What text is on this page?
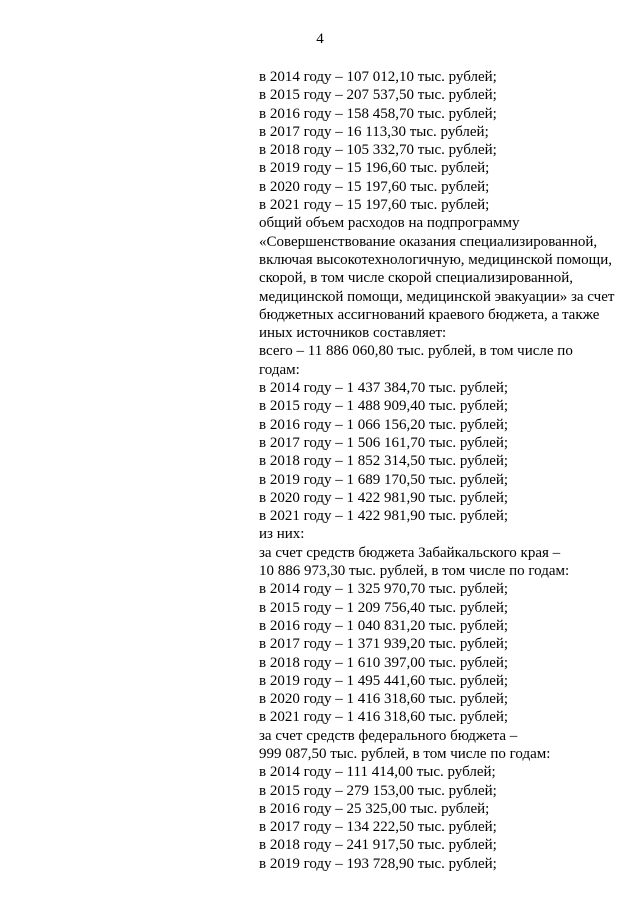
4
в 2014 году – 107 012,10 тыс. рублей;
в 2015 году – 207 537,50 тыс. рублей;
в 2016 году – 158 458,70 тыс. рублей;
в 2017 году – 16 113,30 тыс. рублей;
в 2018 году – 105 332,70 тыс. рублей;
в 2019 году – 15 196,60 тыс. рублей;
в 2020 году – 15 197,60 тыс. рублей;
в 2021 году – 15 197,60 тыс. рублей;
общий объем расходов на подпрограмму
«Совершенствование оказания специализированной,
включая высокотехнологичную, медицинской помощи,
скорой, в том числе скорой специализированной,
медицинской помощи, медицинской эвакуации» за счет
бюджетных ассигнований краевого бюджета, а также
иных источников составляет:
всего – 11 886 060,80 тыс. рублей, в том числе по
годам:
в 2014 году – 1 437 384,70 тыс. рублей;
в 2015 году – 1 488 909,40 тыс. рублей;
в 2016 году – 1 066 156,20 тыс. рублей;
в 2017 году – 1 506 161,70 тыс. рублей;
в 2018 году – 1 852 314,50 тыс. рублей;
в 2019 году – 1 689 170,50 тыс. рублей;
в 2020 году – 1 422 981,90 тыс. рублей;
в 2021 году – 1 422 981,90 тыс. рублей;
из них:
за счет средств бюджета Забайкальского края –
10 886 973,30 тыс. рублей, в том числе по годам:
в 2014 году – 1 325 970,70 тыс. рублей;
в 2015 году – 1 209 756,40 тыс. рублей;
в 2016 году – 1 040 831,20 тыс. рублей;
в 2017 году – 1 371 939,20 тыс. рублей;
в 2018 году – 1 610 397,00 тыс. рублей;
в 2019 году – 1 495 441,60 тыс. рублей;
в 2020 году – 1 416 318,60 тыс. рублей;
в 2021 году – 1 416 318,60 тыс. рублей;
за счет средств федерального бюджета –
999 087,50 тыс. рублей, в том числе по годам:
в 2014 году – 111 414,00 тыс. рублей;
в 2015 году – 279 153,00 тыс. рублей;
в 2016 году – 25 325,00 тыс. рублей;
в 2017 году – 134 222,50 тыс. рублей;
в 2018 году – 241 917,50 тыс. рублей;
в 2019 году – 193 728,90 тыс. рублей;
